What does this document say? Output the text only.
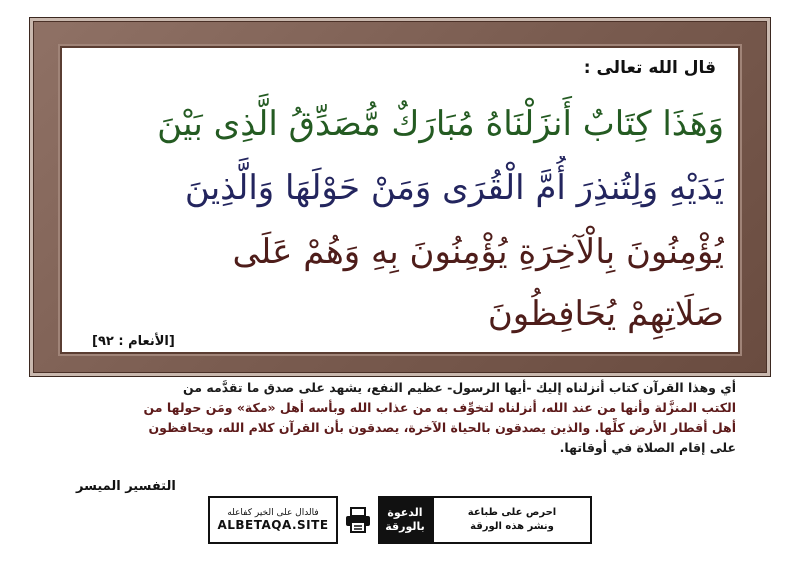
قال الله تعالى :
وَهَذَا كِتَابٌ أَنزَلْنَاهُ مُبَارَكٌ مُّصَدِّقُ الَّذِى بَيْنَ
يَدَيْهِ وَلِتُنذِرَ أُمَّ الْقُرَى وَمَنْ حَوْلَهَا وَالَّذِينَ
يُؤْمِنُونَ بِالْآخِرَةِ يُؤْمِنُونَ بِهِ وَهُمْ عَلَى
صَلَاتِهِمْ يُحَافِظُونَ
[الأنعام : ٩٢]
أي وهذا القرآن كتاب أنزلناه إليك -أيها الرسول- عظيم النفع، يشهد على صدق ما تقدَّمه من
الكتب المنزَّلة وأنها من عند الله، أنزلناه لتخوِّف به من عذاب الله وبأسه أهل «مكة» ومَن حولها من
أهل أقطار الأرض كلِّها. والذين يصدقون بالحياة الآخرة، يصدقون بأن القرآن كلام الله، ويحافظون
على إقام الصلاة في أوقاتها.
التفسير الميسر
فالدال على الخير كفاعله
ALBETAQA.SITE
الدعوة
بالورقة
احرص على طباعة
ونشر هذه الورقة
